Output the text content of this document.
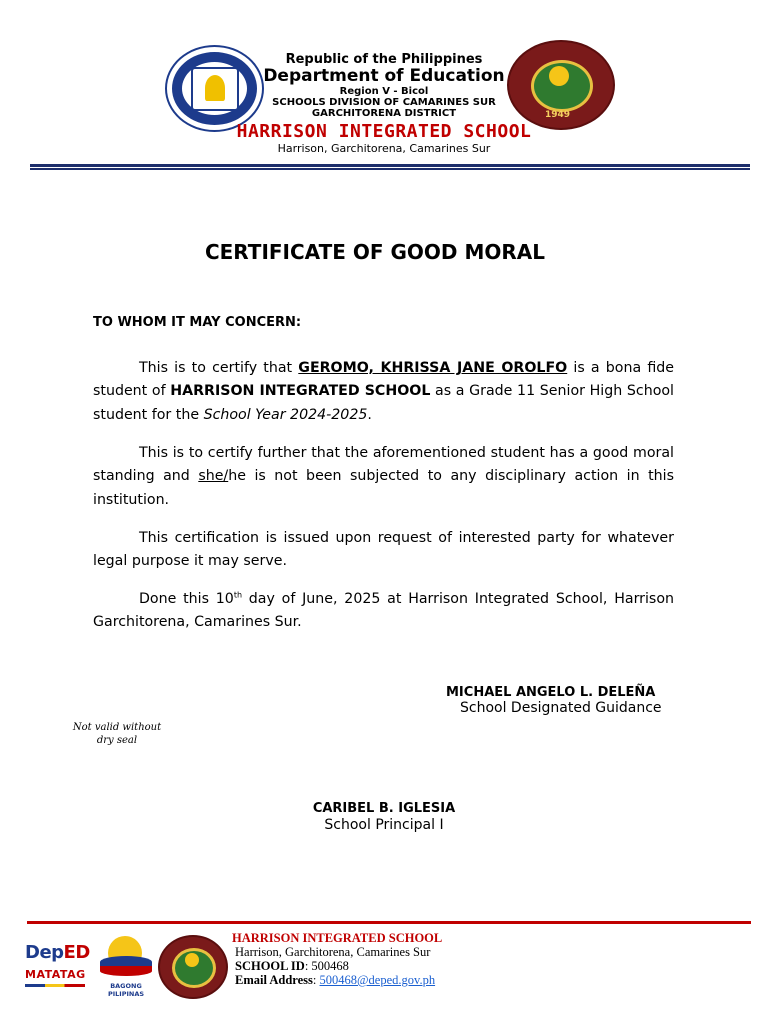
Republic of the Philippines
Department of Education
Region V - Bicol
SCHOOLS DIVISION OF CAMARINES SUR
GARCHITORENA DISTRICT	1949
HARRISON INTEGRATED SCHOOL
Harrison, Garchitorena, Camarines Sur
CERTIFICATE OF GOOD MORAL
TO WHOM IT MAY CONCERN:
This is to certify that GEROMO, KHRISSA JANE OROLFO is a bona fide student of HARRISON INTEGRATED SCHOOL as a Grade 11 Senior High School student for the School Year 2024-2025.
This is to certify further that the aforementioned student has a good moral standing and she/he is not been subjected to any disciplinary action in this institution.
This certification is issued upon request of interested party for whatever legal purpose it may serve.
Done this 10th day of June, 2025 at Harrison Integrated School, Harrison Garchitorena, Camarines Sur.
MICHAEL ANGELO L. DELEÑA
School Designated Guidance
Not valid without dry seal
CARIBEL B. IGLESIA
School Principal I
DepED
MATATAG
BAGONG PILIPINAS
HARRISON INTEGRATED SCHOOL
Harrison, Garchitorena, Camarines Sur
SCHOOL ID: 500468
Email Address: 500468@deped.gov.ph
